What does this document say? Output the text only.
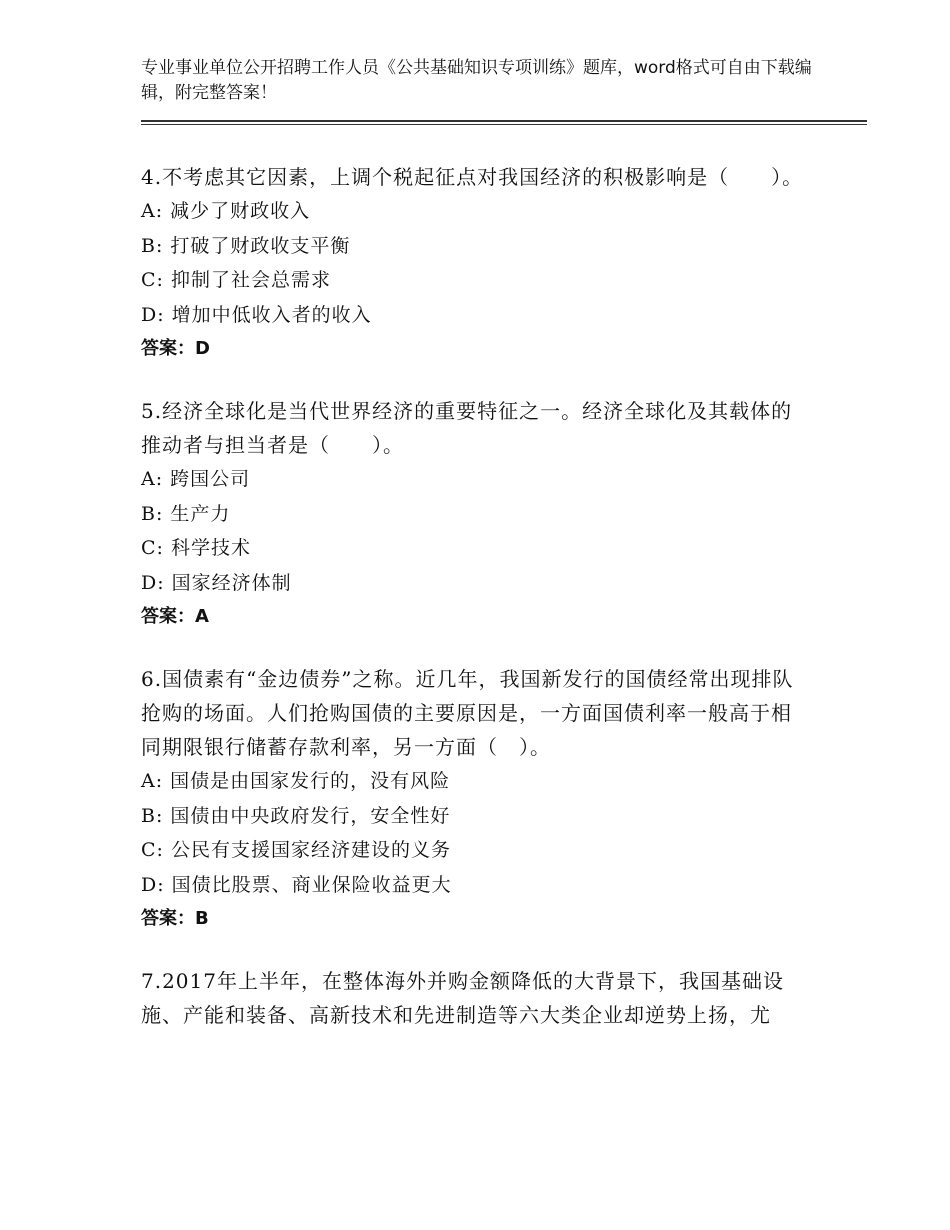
专业事业单位公开招聘工作人员《公共基础知识专项训练》题库，word格式可自由下载编辑，附完整答案！

4.不考虑其它因素，上调个税起征点对我国经济的积极影响是（　　）。

A: 减少了财政收入

B: 打破了财政收支平衡

C: 抑制了社会总需求

D: 增加中低收入者的收入

答案：D

5.经济全球化是当代世界经济的重要特征之一。经济全球化及其载体的推动者与担当者是（　　）。

A: 跨国公司

B: 生产力

C: 科学技术

D: 国家经济体制

答案：A

6.国债素有“金边债券”之称。近几年，我国新发行的国债经常出现排队抢购的场面。人们抢购国债的主要原因是，一方面国债利率一般高于相同期限银行储蓄存款利率，另一方面（　）。

A: 国债是由国家发行的，没有风险

B: 国债由中央政府发行，安全性好

C: 公民有支援国家经济建设的义务

D: 国债比股票、商业保险收益更大

答案：B

7.2017年上半年，在整体海外并购金额降低的大背景下，我国基础设施、产能和装备、高新技术和先进制造等六大类企业却逆势上扬，尤
